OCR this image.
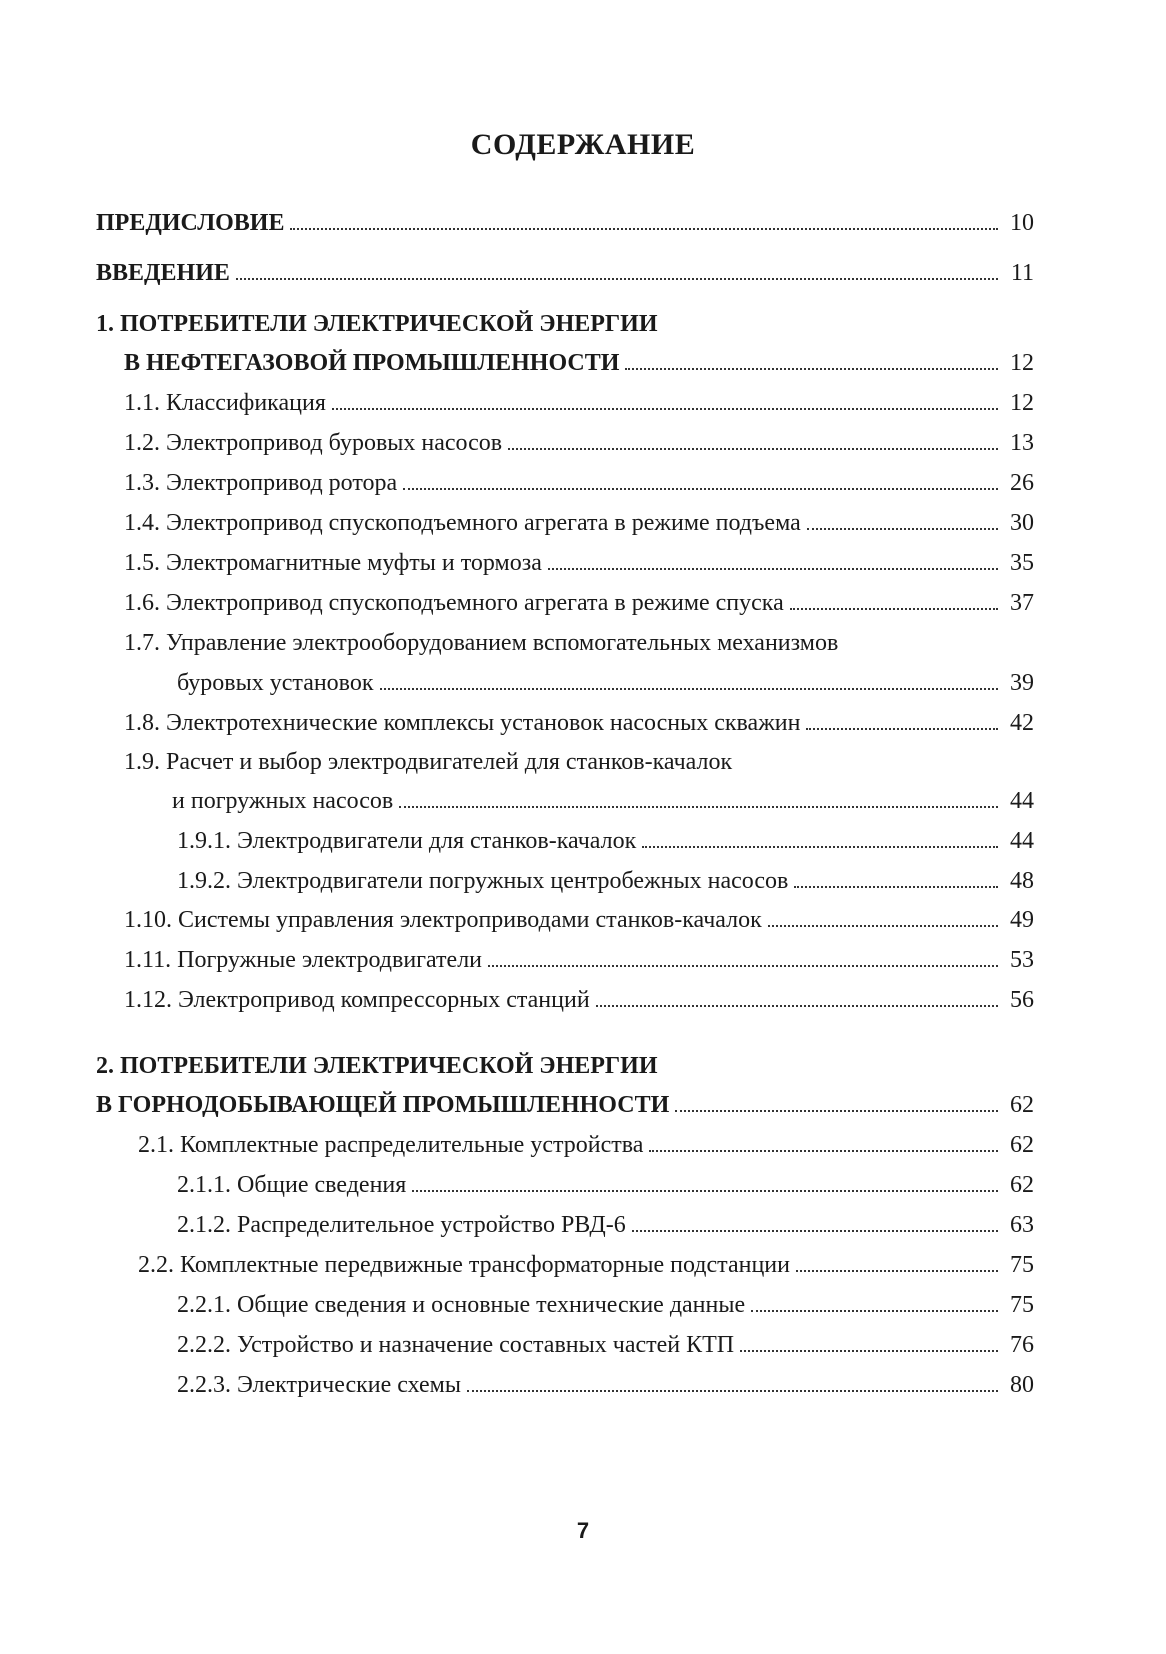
СОДЕРЖАНИЕ
ПРЕДИСЛОВИЕ	10
ВВЕДЕНИЕ	11
1. ПОТРЕБИТЕЛИ ЭЛЕКТРИЧЕСКОЙ ЭНЕРГИИ
В НЕФТЕГАЗОВОЙ ПРОМЫШЛЕННОСТИ	12
1.1. Классификация	12
1.2. Электропривод буровых насосов	13
1.3. Электропривод ротора	26
1.4. Электропривод спускоподъемного агрегата в режиме подъема	30
1.5. Электромагнитные муфты и тормоза	35
1.6. Электропривод спускоподъемного агрегата в режиме спуска	37
1.7. Управление электрооборудованием вспомогательных механизмов
буровых установок	39
1.8. Электротехнические комплексы установок насосных скважин	42
1.9. Расчет и выбор электродвигателей для станков-качалок
и погружных насосов	44
1.9.1. Электродвигатели для станков-качалок	44
1.9.2. Электродвигатели погружных центробежных насосов	48
1.10. Системы управления электроприводами станков-качалок	49
1.11. Погружные электродвигатели	53
1.12. Электропривод компрессорных станций	56
2. ПОТРЕБИТЕЛИ ЭЛЕКТРИЧЕСКОЙ ЭНЕРГИИ
В ГОРНОДОБЫВАЮЩЕЙ ПРОМЫШЛЕННОСТИ	62
2.1. Комплектные распределительные устройства	62
2.1.1. Общие сведения	62
2.1.2. Распределительное устройство РВД-6	63
2.2. Комплектные передвижные трансформаторные подстанции	75
2.2.1. Общие сведения и основные технические данные	75
2.2.2. Устройство и назначение составных частей КТП	76
2.2.3. Электрические схемы	80
7
